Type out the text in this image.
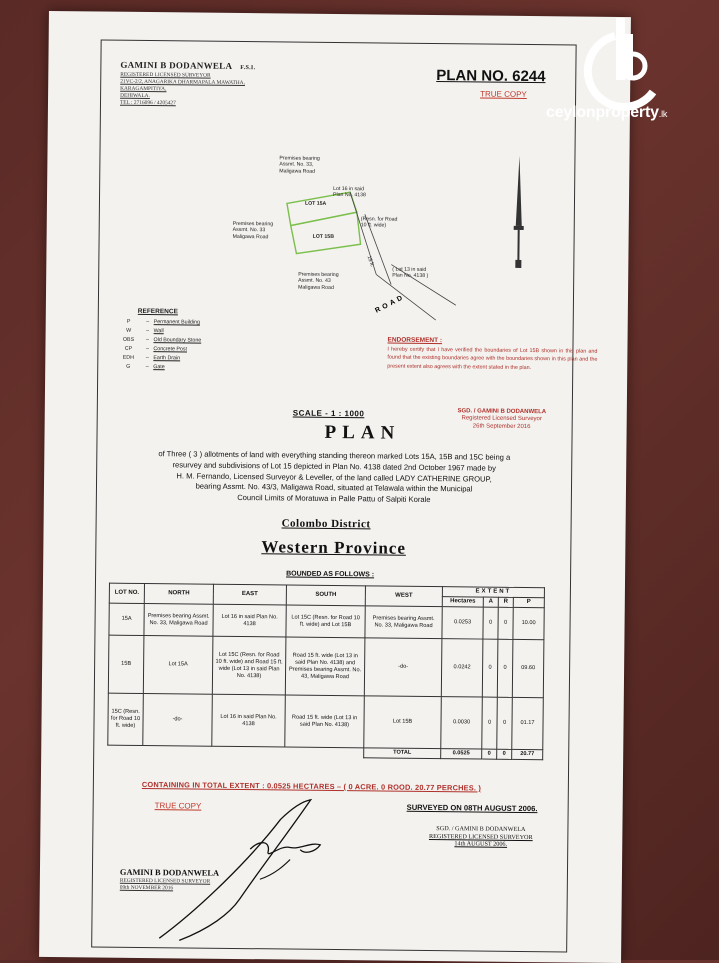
GAMINI B DODANWELA F.S.I.
REGISTERED LICENSED SURVEYOR
21VC-2/2, ANAGARIKA DHARMAPALA MAWATHA,
KARAGAMPITIYA,
DEHIWALA.
TEL : 2716096 / 4205427
PLAN NO. 6244
TRUE COPY
Premises bearing
Assmt. No. 33,
Maligawa Road
Premises bearing
Assmt. No. 33
Maligawa Road
Premises bearing
Assmt. No. 43
Maligawa Road
LOT 15A
LOT 15B
Lot 16 in said
Plan No. 4138
(Resn. for Road
10 ft. wide)
( Lot 13 in said
Plan No. 4138 )
ROAD
15 ft.
REFERENCE
P	– Permanent Building
W	– Wall
OBS – Old Boundary Stone
CP	– Concrete Post
EDH – Earth Drain
G	– Gate
ENDORSEMENT :
I hereby certify that I have verified the boundaries of Lot 15B shown in this plan and found that the existing boundaries agree with the boundaries shown in this plan and the present extent also agrees with the extent stated in the plan.
SGD. / GAMINI B DODANWELA
Registered Licensed Surveyor
26th September 2016
SCALE - 1 : 1000
PLAN
of Three ( 3 ) allotments of land with everything standing thereon marked Lots 15A, 15B and 15C being a
resurvey and subdivisions of Lot 15 depicted in Plan No. 4138 dated 2nd October 1967 made by
H. M. Fernando, Licensed Surveyor & Leveller, of the land called LADY CATHERINE GROUP,
bearing Assmt. No. 43/3, Maligawa Road, situated at Telawala within the Municipal
Council Limits of Moratuwa in Palle Pattu of Salpiti Korale
Colombo District
Western Province
BOUNDED AS FOLLOWS :
LOT NO.	NORTH	EAST	SOUTH	WEST	EXTENT			
					Hectares	A	R	P
15A	Premises bearing Assmt. No. 33, Maligawa Road	Lot 16 in said Plan No. 4138	Lot 15C (Resn. for Road 10 ft. wide) and Lot 15B	Premises bearing Assmt. No. 33, Maligawa Road	0.0253	0	0	10.00
15B	Lot 15A	Lot 15C (Resn. for Road 10 ft. wide) and Road 15 ft. wide (Lot 13 in said Plan No. 4138)	Road 15 ft. wide (Lot 13 in said Plan No. 4138) and Premises bearing Assmt. No. 43, Maligawa Road	-do-	0.0242	0	0	09.60
15C (Resn. for Road 10 ft. wide)	-do-	Lot 16 in said Plan No. 4138	Road 15 ft. wide (Lot 13 in said Plan No. 4138)	Lot 15B	0.0030	0	0	01.17
				TOTAL	0.0525	0	0	20.77
CONTAINING IN TOTAL EXTENT : 0.0525 HECTARES – ( 0 ACRE. 0 ROOD. 20.77 PERCHES. )
TRUE COPY	SURVEYED ON 08TH AUGUST 2006.
SGD. / GAMINI B DODANWELA
REGISTERED LICENSED SURVEYOR
14th AUGUST 2006.
GAMINI B DODANWELA
REGISTERED LICENSED SURVEYOR
09th NOVEMBER 2016
ceylonproperty.lk
